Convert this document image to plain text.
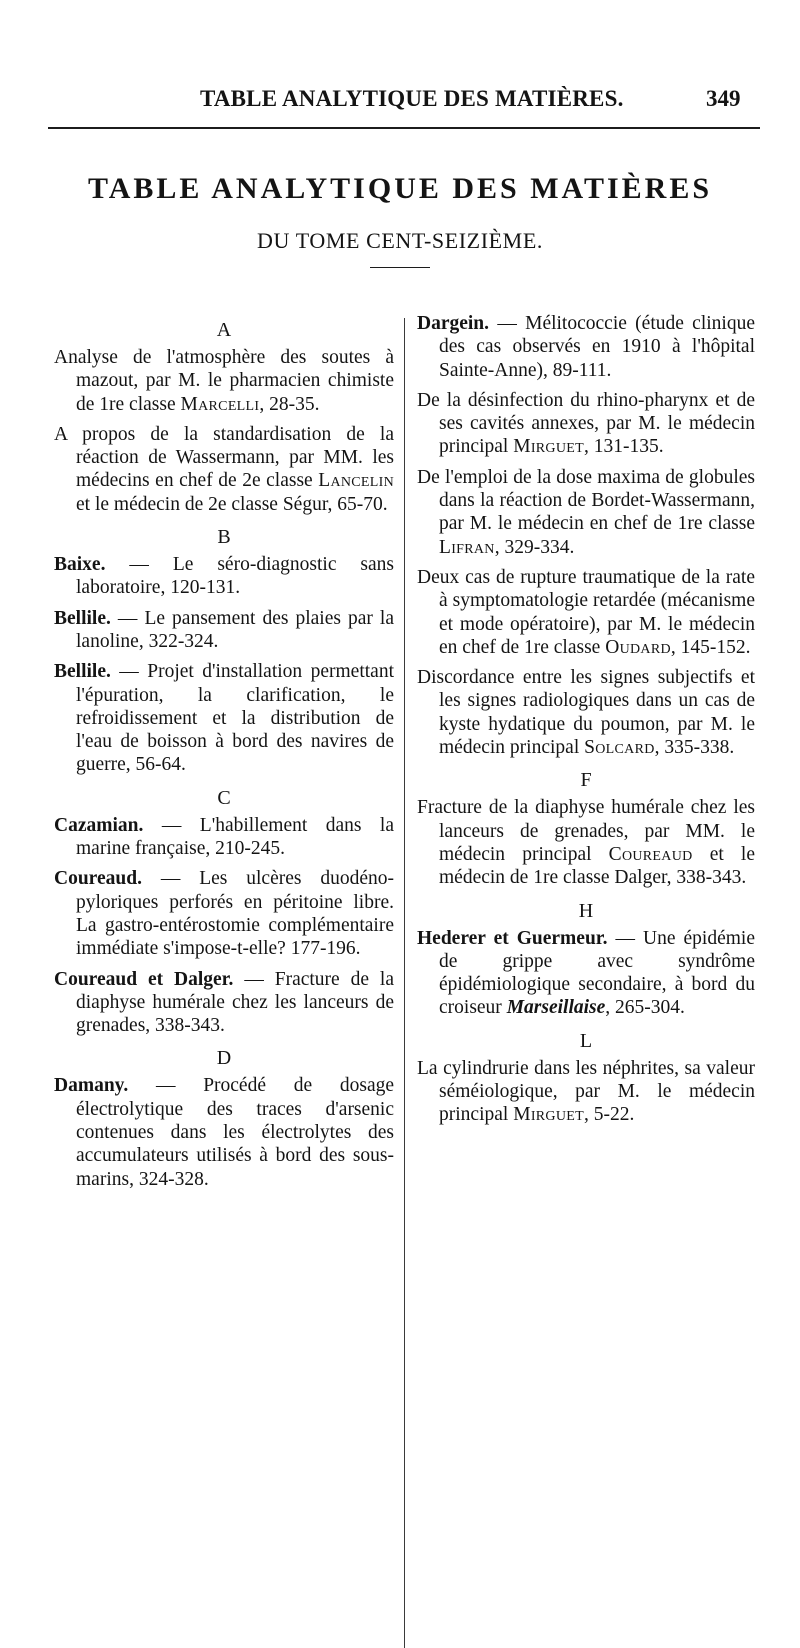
TABLE ANALYTIQUE DES MATIÈRES.	349
TABLE ANALYTIQUE DES MATIÈRES
DU TOME CENT-SEIZIÈME.
A

Analyse de l'atmosphère des soutes à mazout, par M. le pharmacien chimiste de 1re classe Marcelli, 28-35.

A propos de la standardisation de la réaction de Wassermann, par MM. les médecins en chef de 2e classe Lancelin et le médecin de 2e classe Ségur, 65-70.

B

Baixe. — Le séro-diagnostic sans laboratoire, 120-131.

Bellile. — Le pansement des plaies par la lanoline, 322-324.

Bellile. — Projet d'installation permettant l'épuration, la clarification, le refroidissement et la distribution de l'eau de boisson à bord des navires de guerre, 56-64.

C

Cazamian. — L'habillement dans la marine française, 210-245.

Coureaud. — Les ulcères duodéno-pyloriques perforés en péritoine libre. La gastro-entérostomie complémentaire immédiate s'impose-t-elle? 177-196.

Coureaud et Dalger. — Fracture de la diaphyse humérale chez les lanceurs de grenades, 338-343.

D

Damany. — Procédé de dosage électrolytique des traces d'arsenic contenues dans les électrolytes des accumulateurs utilisés à bord des sous-marins, 324-328.

Dargein. — Mélitococcie (étude clinique des cas observés en 1910 à l'hôpital Sainte-Anne), 89-111.

De la désinfection du rhino-pharynx et de ses cavités annexes, par M. le médecin principal Mirguet, 131-135.

De l'emploi de la dose maxima de globules dans la réaction de Bordet-Wassermann, par M. le médecin en chef de 1re classe Lifran, 329-334.

Deux cas de rupture traumatique de la rate à symptomatologie retardée (mécanisme et mode opératoire), par M. le médecin en chef de 1re classe Oudard, 145-152.

Discordance entre les signes subjectifs et les signes radiologiques dans un cas de kyste hydatique du poumon, par M. le médecin principal Solcard, 335-338.

F

Fracture de la diaphyse humérale chez les lanceurs de grenades, par MM. le médecin principal Coureaud et le médecin de 1re classe Dalger, 338-343.

H

Hederer et Guermeur. — Une épidémie de grippe avec syndrôme épidémiologique secondaire, à bord du croiseur Marseillaise, 265-304.

L

La cylindrurie dans les néphrites, sa valeur séméiologique, par M. le médecin principal Mirguet, 5-22.
